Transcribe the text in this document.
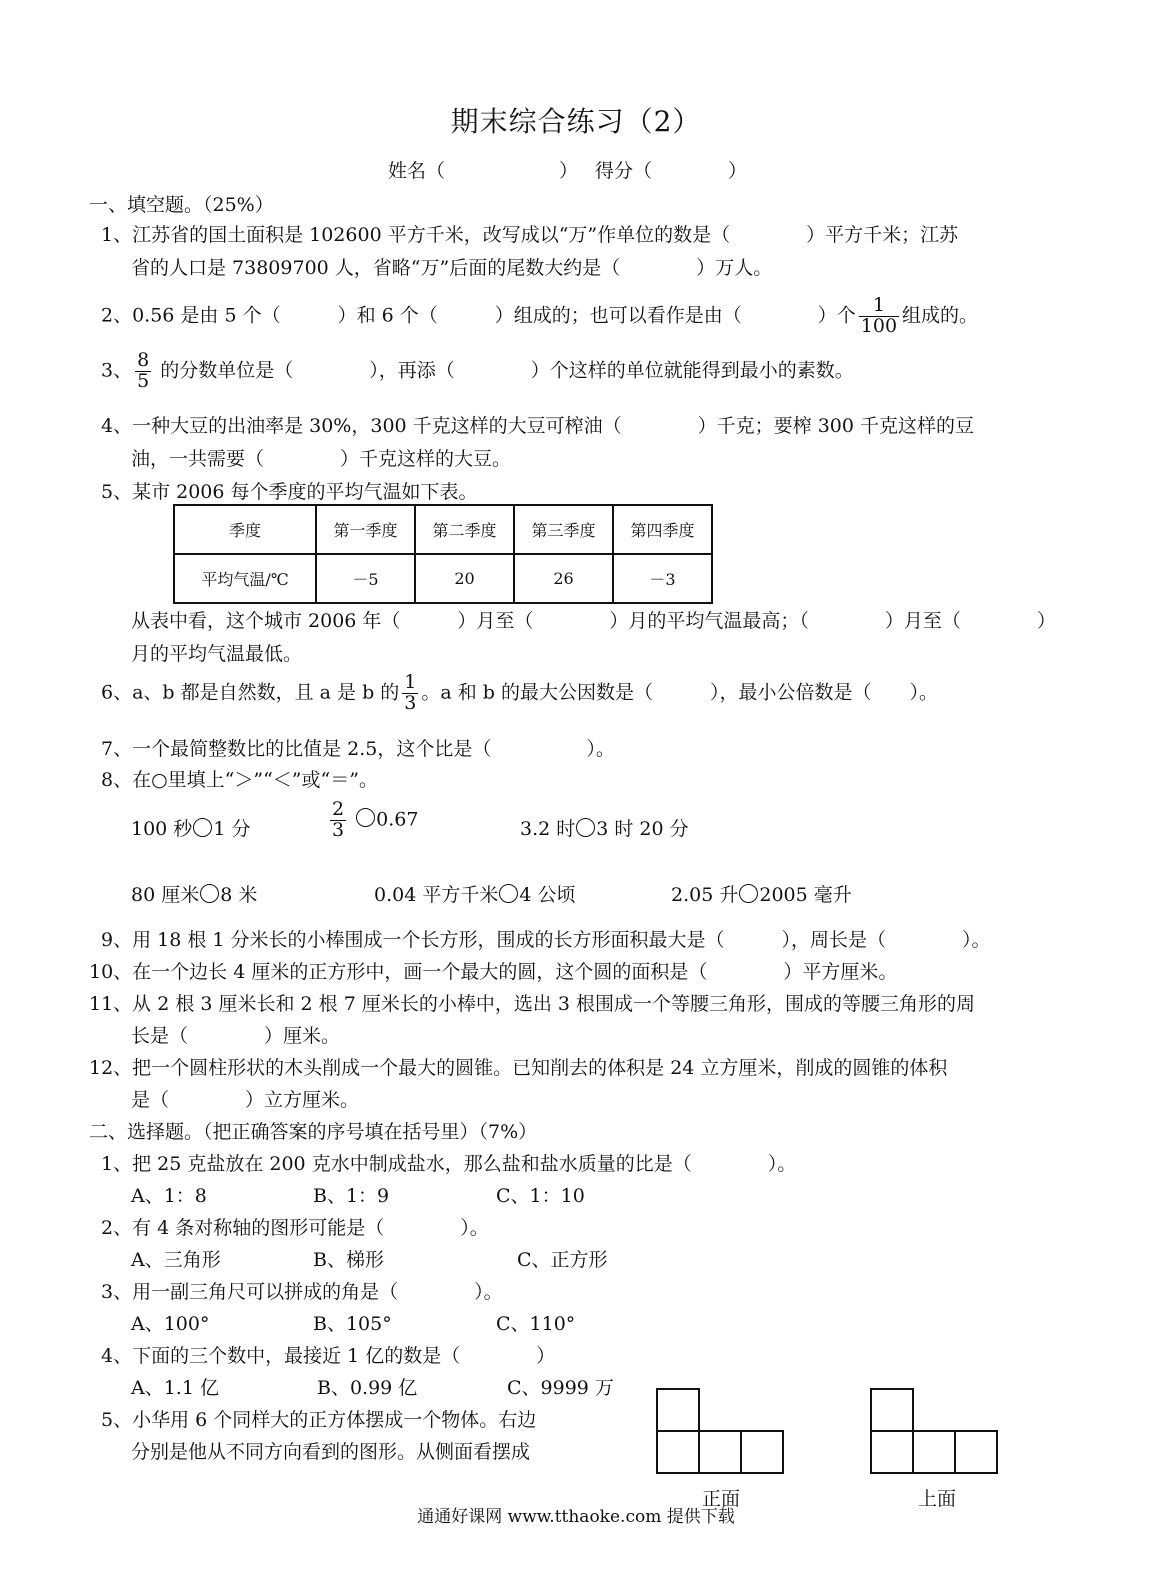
期末综合练习（2）
姓名（　　　　　　） 得分（　　　　）
一、填空题。（25%）
1、江苏省的国土面积是 102600 平方千米，改写成以“万”作单位的数是（　　　　）平方千米；江苏
省的人口是 73809700 人，省略“万”后面的尾数大约是（　　　　）万人。
2、0.56 是由 5 个（　　　）和 6 个（　　　）组成的；也可以看作是由（　　　　）个 $\frac{1}{100}$ 组成的。
3、 $\frac{8}{5}$ 的分数单位是（　　　　），再添（　　　　）个这样的单位就能得到最小的素数。
4、一种大豆的出油率是 30%，300 千克这样的大豆可榨油（　　　　）千克；要榨 300 千克这样的豆
油，一共需要（　　　　）千克这样的大豆。
5、某市 2006 每个季度的平均气温如下表。
季度	第一季度	第二季度	第三季度	第四季度
平均气温/℃	－5	20	26	－3
从表中看，这个城市 2006 年（　　　）月至（　　　　）月的平均气温最高；（　　　　）月至（　　　　）
月的平均气温最低。
6、a、b 都是自然数，且 a 是 b 的 $\frac{1}{3}$ 。a 和 b 的最大公因数是（　　　），最小公倍数是（　　）。
7、一个最简整数比的比值是 2.5，这个比是（　　　　　）。
8、在○里填上“＞”“＜”或“＝”。
100 秒 1 分	$\frac{2}{3} 0.67$	3.2 时 3 时 20 分
80 厘米 8 米	0.04 平方千米 4 公顷	2.05 升 2005 毫升
9、用 18 根 1 分米长的小棒围成一个长方形，围成的长方形面积最大是（　　　），周长是（　　　　）。
10、在一个边长 4 厘米的正方形中，画一个最大的圆，这个圆的面积是（　　　　）平方厘米。
11、从 2 根 3 厘米长和 2 根 7 厘米长的小棒中，选出 3 根围成一个等腰三角形，围成的等腰三角形的周
长是（　　　　）厘米。
12、把一个圆柱形状的木头削成一个最大的圆锥。已知削去的体积是 24 立方厘米，削成的圆锥的体积
是（　　　　）立方厘米。
二、选择题。（把正确答案的序号填在括号里）（7%）
1、把 25 克盐放在 200 克水中制成盐水，那么盐和盐水质量的比是（　　　　）。
A、1：8	B、1：9	C、1：10
2、有 4 条对称轴的图形可能是（　　　　）。
A、三角形	B、梯形	C、正方形
3、用一副三角尺可以拼成的角是（　　　　）。
A、100°	B、105°	C、110°
4、下面的三个数中，最接近 1 亿的数是（　　　　）
A、1.1 亿	B、0.99 亿	C、9999 万
5、小华用 6 个同样大的正方体摆成一个物体。右边
分别是他从不同方向看到的图形。从侧面看摆成
正面	上面
通通好课网 www.tthaoke.com 提供下载
